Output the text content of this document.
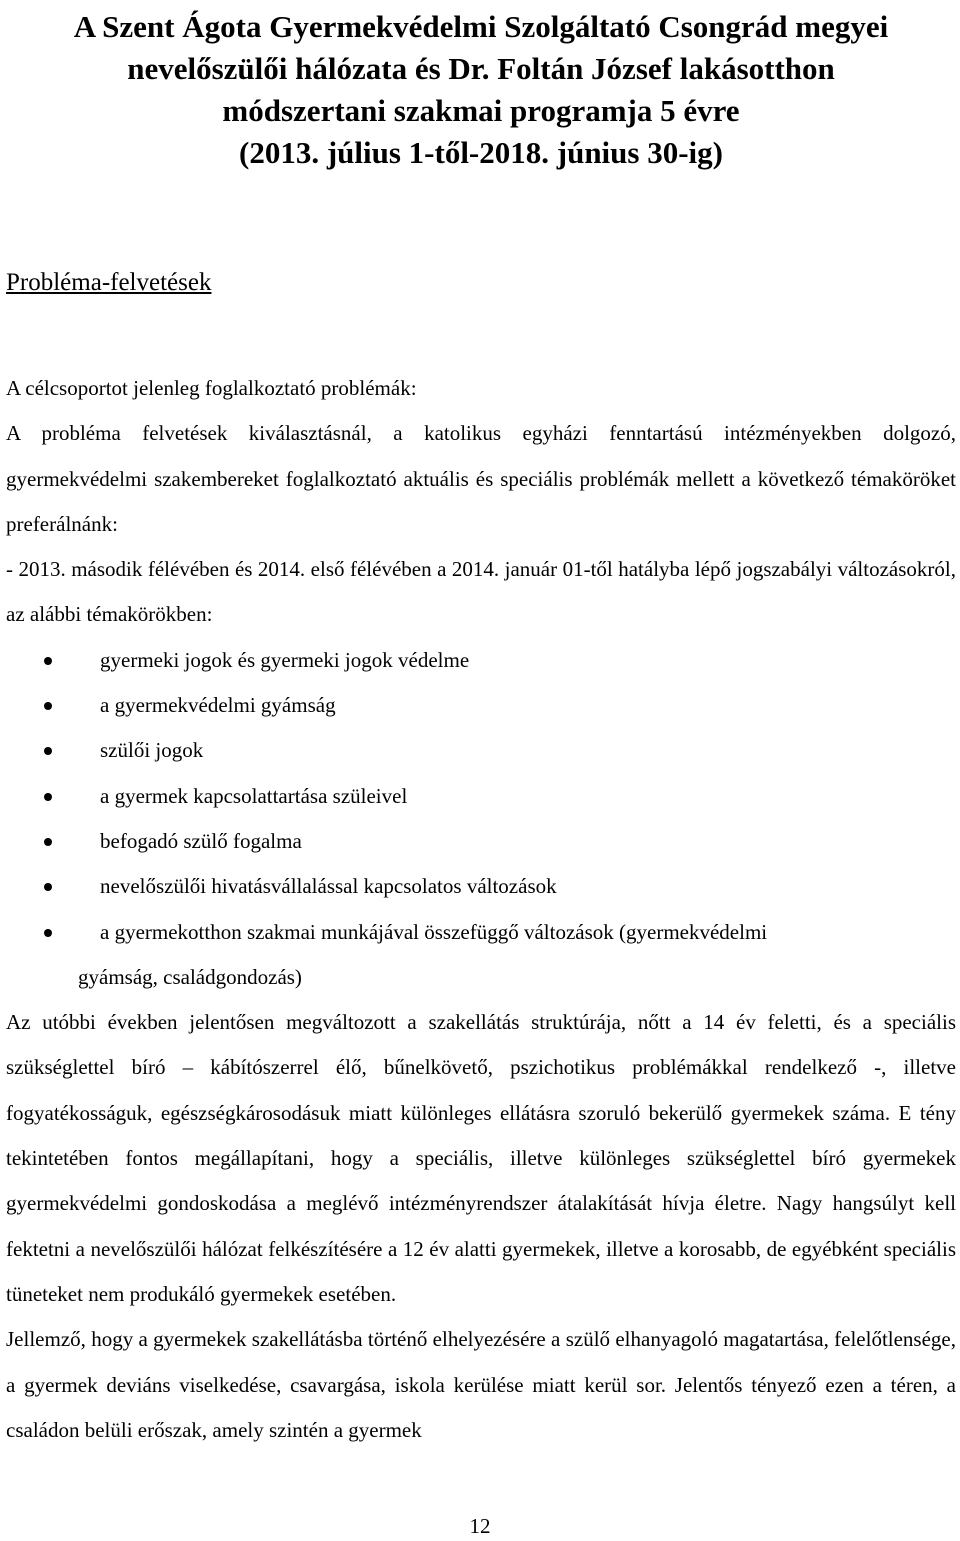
A Szent Ágota Gyermekvédelmi Szolgáltató Csongrád megyei
nevelőszülői hálózata és Dr. Foltán József lakásotthon
módszertani szakmai programja 5 évre
(2013. július 1-től-2018. június 30-ig)
Probléma-felvetések

A célcsoportot jelenleg foglalkoztató problémák:

A probléma felvetések kiválasztásnál, a katolikus egyházi fenntartású intézményekben dolgozó, gyermekvédelmi szakembereket foglalkoztató aktuális és speciális problémák mellett a következő témaköröket preferálnánk:

- 2013. második félévében és 2014. első félévében a 2014. január 01-től hatályba lépő jogszabályi változásokról, az alábbi témakörökben:

gyermeki jogok és gyermeki jogok védelme
a gyermekvédelmi gyámság
szülői jogok
a gyermek kapcsolattartása szüleivel
befogadó szülő fogalma
nevelőszülői hivatásvállalással kapcsolatos változások
a gyermekotthon szakmai munkájával összefüggő változások (gyermekvédelmi
gyámság, családgondozás)

Az utóbbi években jelentősen megváltozott a szakellátás struktúrája, nőtt a 14 év feletti, és a speciális szükséglettel bíró – kábítószerrel élő, bűnelkövető, pszichotikus problémákkal rendelkező -, illetve fogyatékosságuk, egészségkárosodásuk miatt különleges ellátásra szoruló bekerülő gyermekek száma. E tény tekintetében fontos megállapítani, hogy a speciális, illetve különleges szükséglettel bíró gyermekek gyermekvédelmi gondoskodása a meglévő intézményrendszer átalakítását hívja életre. Nagy hangsúlyt kell fektetni a nevelőszülői hálózat felkészítésére a 12 év alatti gyermekek, illetve a korosabb, de egyébként speciális tüneteket nem produkáló gyermekek esetében.

Jellemző, hogy a gyermekek szakellátásba történő elhelyezésére a szülő elhanyagoló magatartása, felelőtlensége, a gyermek deviáns viselkedése, csavargása, iskola kerülése miatt kerül sor. Jelentős tényező ezen a téren, a családon belüli erőszak, amely szintén a gyermek

12
